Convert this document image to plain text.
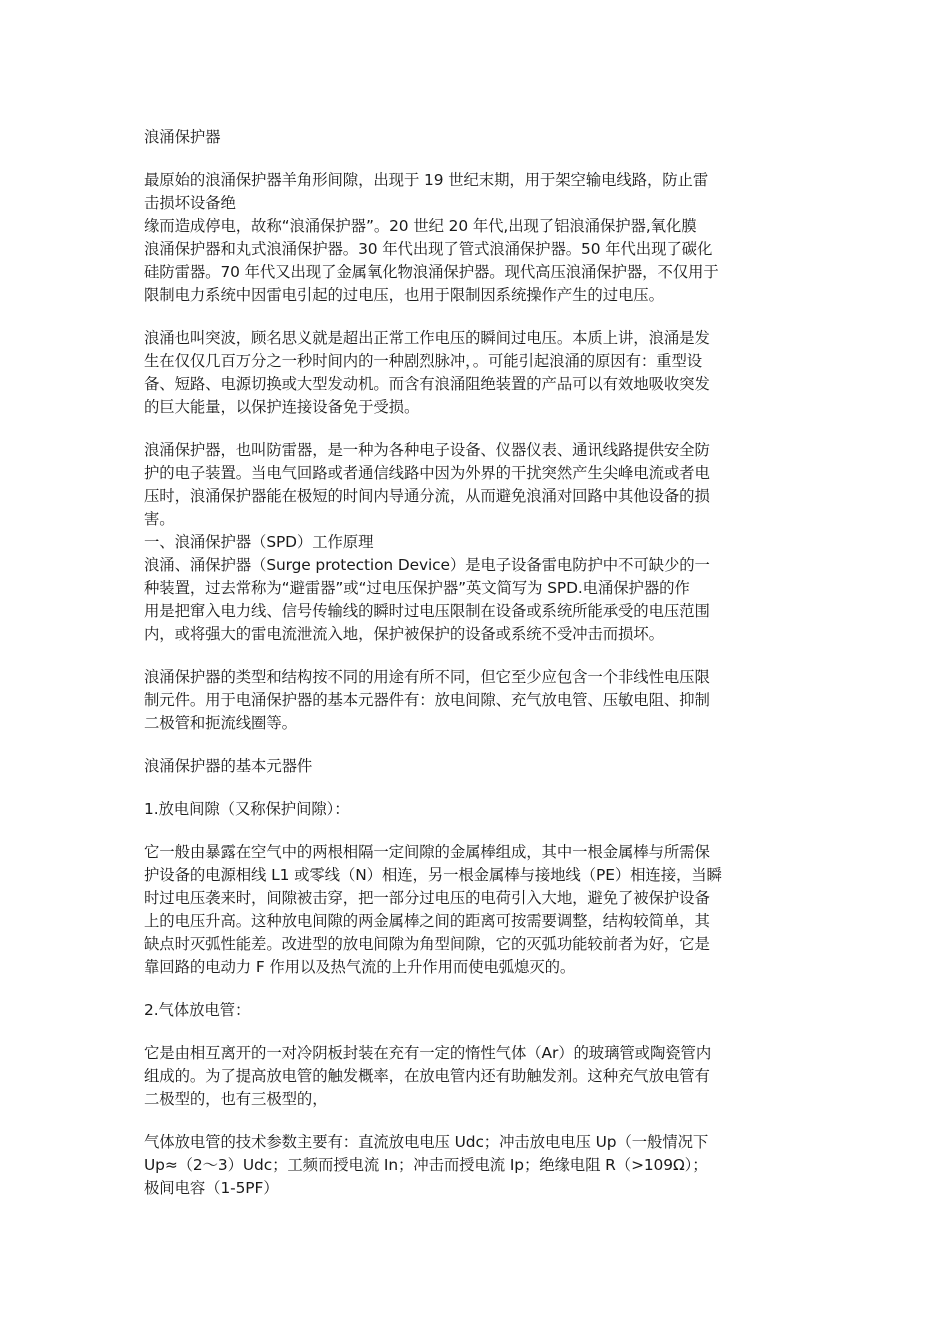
浪涌保护器
最原始的浪涌保护器羊角形间隙，出现于 19 世纪末期，用于架空输电线路，防止雷
击损坏设备绝
缘而造成停电，故称“浪涌保护器”。20 世纪 20 年代,出现了铝浪涌保护器,氧化膜
浪涌保护器和丸式浪涌保护器。30 年代出现了管式浪涌保护器。50 年代出现了碳化
硅防雷器。70 年代又出现了金属氧化物浪涌保护器。现代高压浪涌保护器，不仅用于
限制电力系统中因雷电引起的过电压，也用于限制因系统操作产生的过电压。
浪涌也叫突波，顾名思义就是超出正常工作电压的瞬间过电压。本质上讲，浪涌是发
生在仅仅几百万分之一秒时间内的一种剧烈脉冲，。可能引起浪涌的原因有：重型设
备、短路、电源切换或大型发动机。而含有浪涌阻绝装置的产品可以有效地吸收突发
的巨大能量，以保护连接设备免于受损。
浪涌保护器，也叫防雷器，是一种为各种电子设备、仪器仪表、通讯线路提供安全防
护的电子装置。当电气回路或者通信线路中因为外界的干扰突然产生尖峰电流或者电
压时，浪涌保护器能在极短的时间内导通分流，从而避免浪涌对回路中其他设备的损
害。
一、浪涌保护器（SPD）工作原理
浪涌、涌保护器（Surge protection Device）是电子设备雷电防护中不可缺少的一
种装置，过去常称为“避雷器”或“过电压保护器”英文简写为 SPD.电涌保护器的作
用是把窜入电力线、信号传输线的瞬时过电压限制在设备或系统所能承受的电压范围
内，或将强大的雷电流泄流入地，保护被保护的设备或系统不受冲击而损坏。
浪涌保护器的类型和结构按不同的用途有所不同，但它至少应包含一个非线性电压限
制元件。用于电涌保护器的基本元器件有：放电间隙、充气放电管、压敏电阻、抑制
二极管和扼流线圈等。
浪涌保护器的基本元器件
1.放电间隙（又称保护间隙）：
它一般由暴露在空气中的两根相隔一定间隙的金属棒组成，其中一根金属棒与所需保
护设备的电源相线 L1 或零线（N）相连，另一根金属棒与接地线（PE）相连接，当瞬
时过电压袭来时，间隙被击穿，把一部分过电压的电荷引入大地，避免了被保护设备
上的电压升高。这种放电间隙的两金属棒之间的距离可按需要调整，结构较简单，其
缺点时灭弧性能差。改进型的放电间隙为角型间隙，它的灭弧功能较前者为好，它是
靠回路的电动力 F 作用以及热气流的上升作用而使电弧熄灭的。
2.气体放电管：
它是由相互离开的一对冷阴板封装在充有一定的惰性气体（Ar）的玻璃管或陶瓷管内
组成的。为了提高放电管的触发概率，在放电管内还有助触发剂。这种充气放电管有
二极型的，也有三极型的，
气体放电管的技术参数主要有：直流放电电压 Udc；冲击放电电压 Up（一般情况下
Up≈（2～3）Udc；工频而授电流 In；冲击而授电流 Ip；绝缘电阻 R（>109Ω）；
极间电容（1-5PF）
